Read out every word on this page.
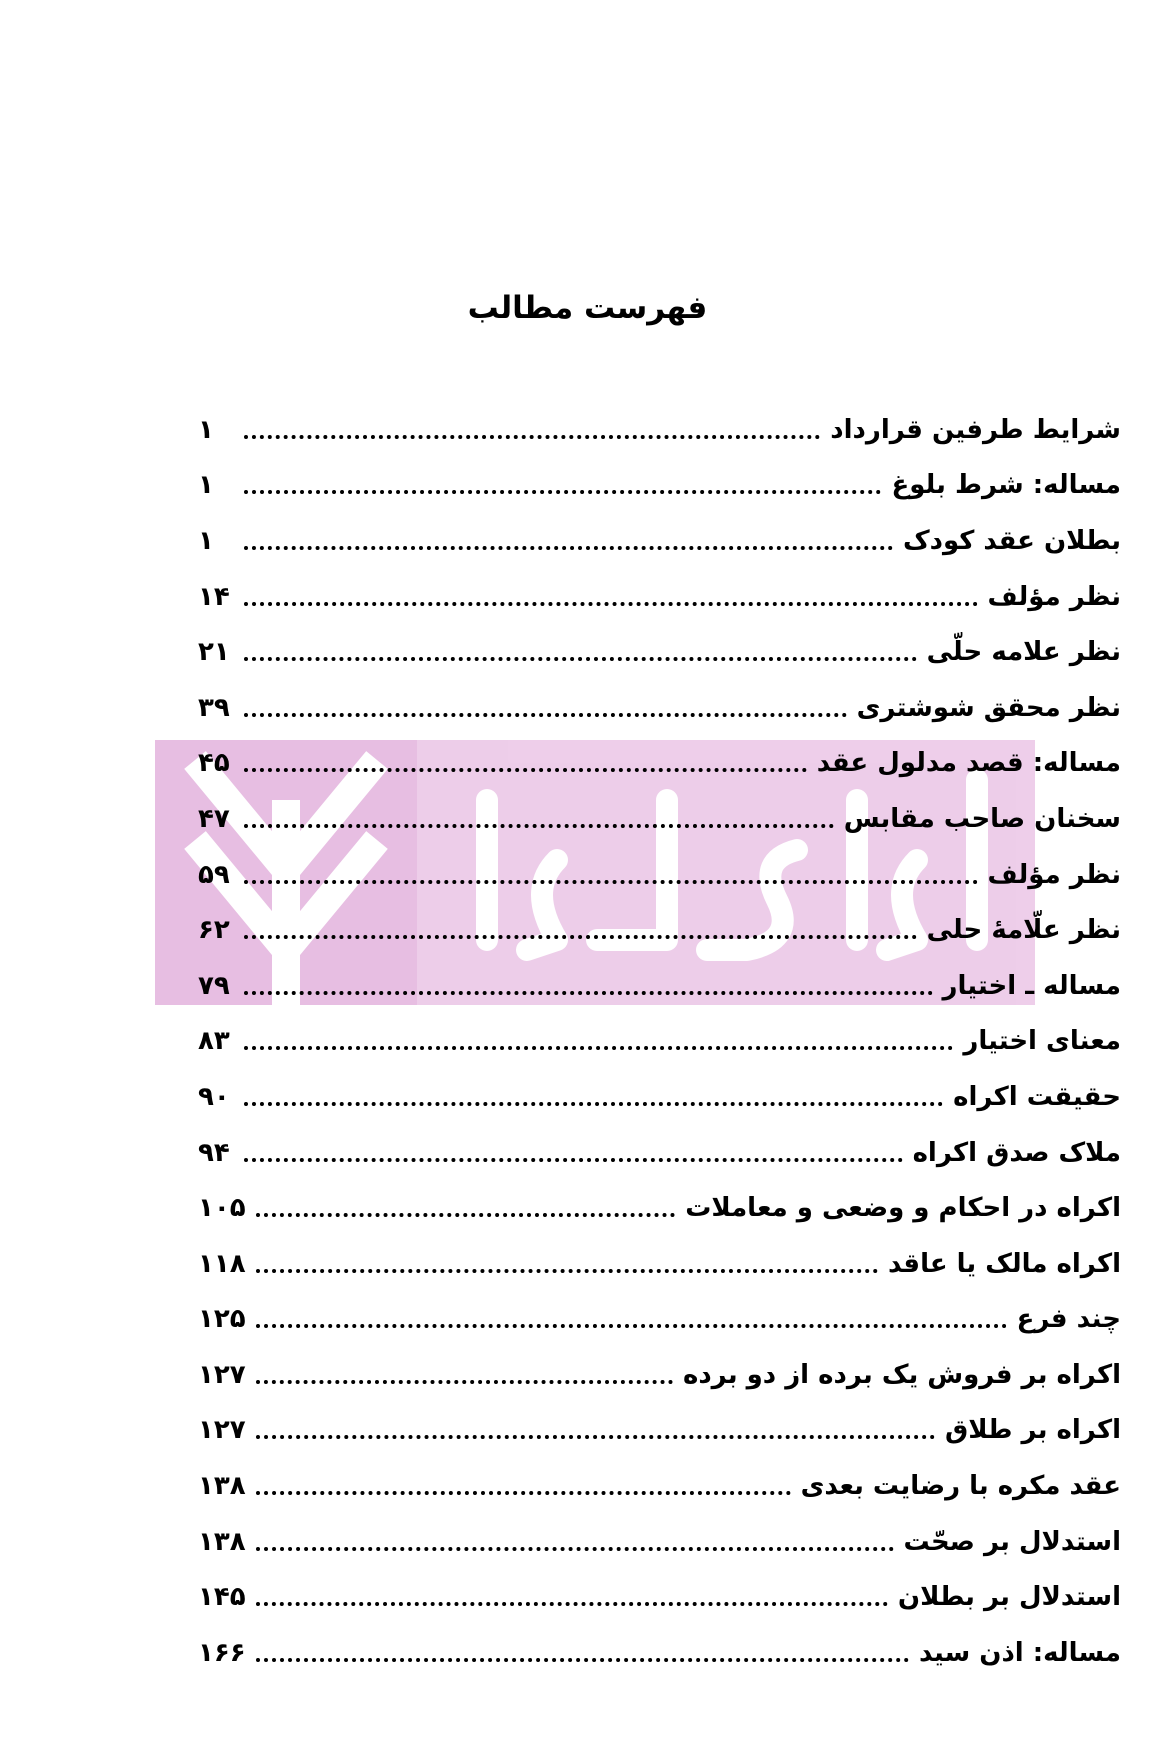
فهرست مطالب
شرایط طرفین قرارداد
۱
مساله: شرط بلوغ
۱
بطلان عقد کودک
۱
نظر مؤلف
۱۴
نظر علامه حلّی
۲۱
نظر محقق شوشتری
۳۹
مساله: قصد مدلول عقد
۴۵
سخنان صاحب مقابس
۴۷
نظر مؤلف
۵۹
نظر علّامهٔ حلی
۶۲
مساله ـ اختیار
۷۹
معنای اختیار
۸۳
حقیقت اکراه
۹۰
ملاک صدق اکراه
۹۴
اکراه در احکام و وضعی و معاملات
۱۰۵
اکراه مالک یا عاقد
۱۱۸
چند فرع
۱۲۵
اکراه بر فروش یک برده از دو برده
۱۲۷
اکراه بر طلاق
۱۲۷
عقد مکره با رضایت بعدی
۱۳۸
استدلال بر صحّت
۱۳۸
استدلال بر بطلان
۱۴۵
مساله: اذن سید
۱۶۶
